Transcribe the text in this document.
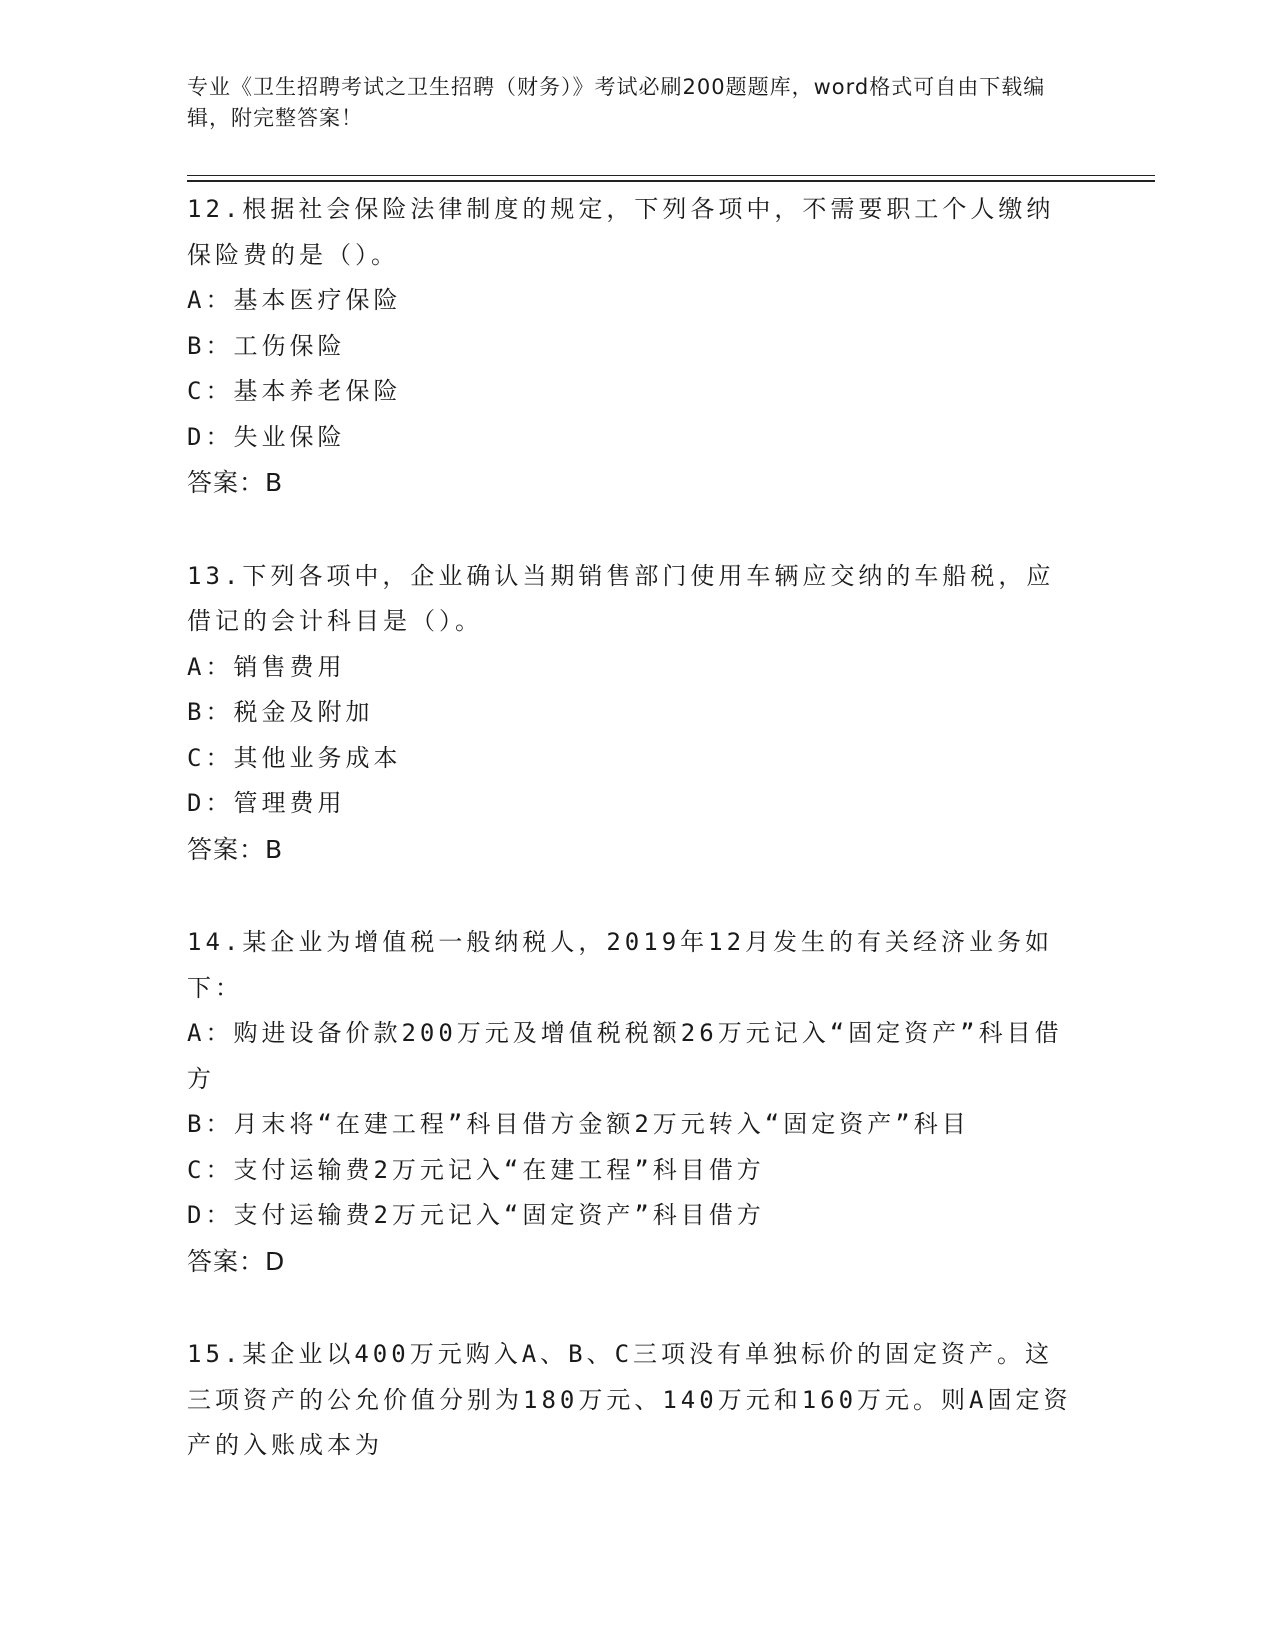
专业《卫生招聘考试之卫生招聘（财务）》考试必刷200题题库，word格式可自由下载编辑，附完整答案！
12.根据社会保险法律制度的规定，下列各项中，不需要职工个人缴纳保险费的是（）。
A：基本医疗保险
B：工伤保险
C：基本养老保险
D：失业保险
答案：B
13.下列各项中，企业确认当期销售部门使用车辆应交纳的车船税，应借记的会计科目是（）。
A：销售费用
B：税金及附加
C：其他业务成本
D：管理费用
答案：B
14.某企业为增值税一般纳税人，2019年12月发生的有关经济业务如下：
A：购进设备价款200万元及增值税税额26万元记入“固定资产”科目借方
B：月末将“在建工程”科目借方金额2万元转入“固定资产”科目
C：支付运输费2万元记入“在建工程”科目借方
D：支付运输费2万元记入“固定资产”科目借方
答案：D
15.某企业以400万元购入A、B、C三项没有单独标价的固定资产。这三项资产的公允价值分别为180万元、140万元和160万元。则A固定资产的入账成本为
